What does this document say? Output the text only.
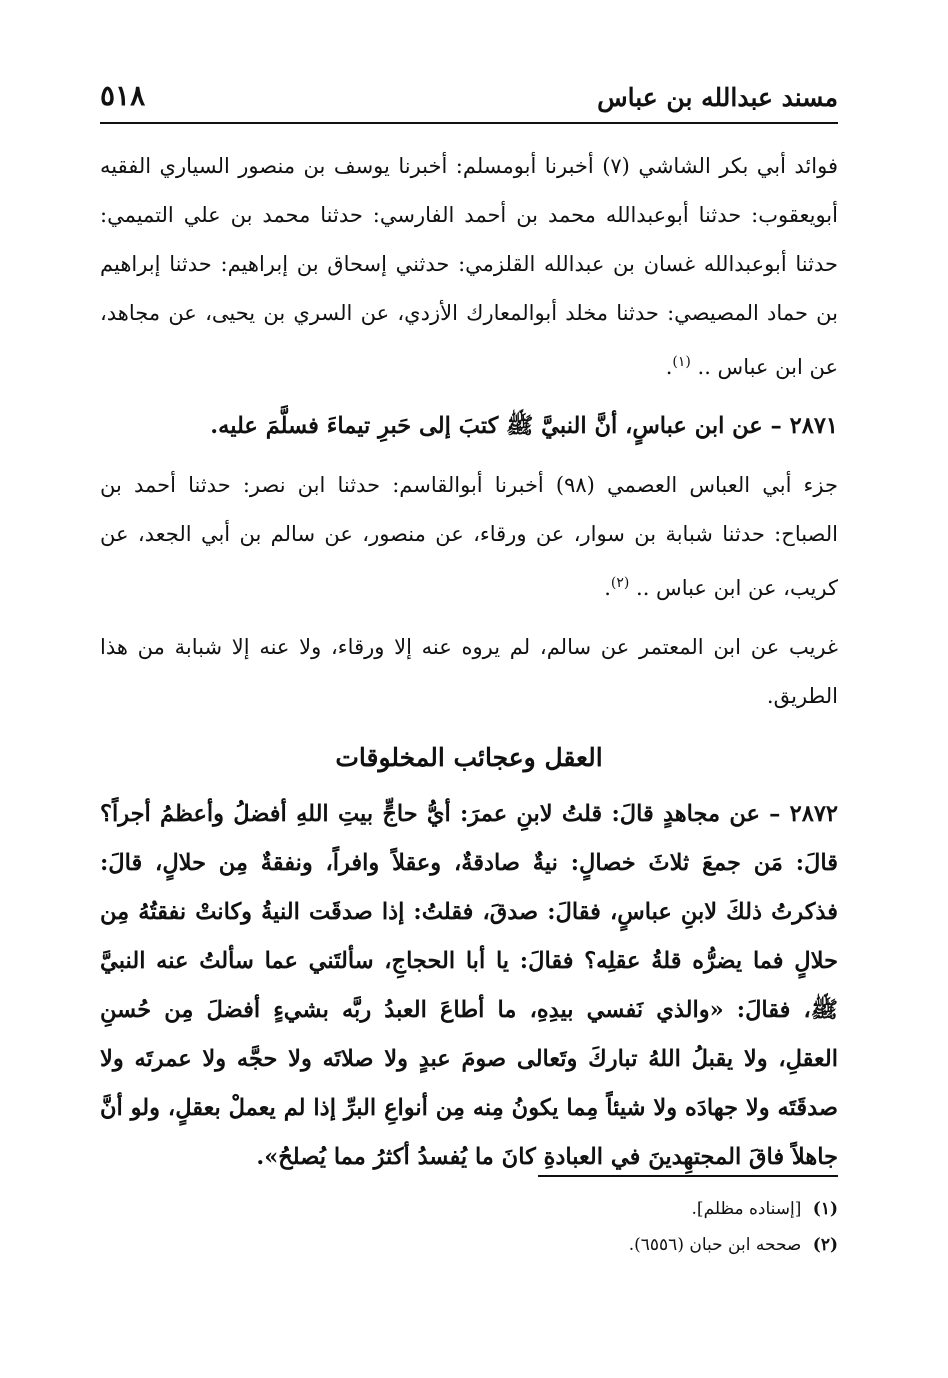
مسند عبدالله بن عباس
٥١٨

فوائد أبي بكر الشاشي (٧) أخبرنا أبومسلم: أخبرنا يوسف بن منصور السياري الفقيه أبويعقوب: حدثنا أبوعبدالله محمد بن أحمد الفارسي: حدثنا محمد بن علي التميمي: حدثنا أبوعبدالله غسان بن عبدالله القلزمي: حدثني إسحاق بن إبراهيم: حدثنا إبراهيم بن حماد المصيصي: حدثنا مخلد أبوالمعارك الأزدي، عن السري بن يحيى، عن مجاهد، عن ابن عباس .. $^{(١)}$.

٢٨٧١ – عن ابن عباسٍ، أنَّ النبيَّ ﷺ كتبَ إلى حَبرِ تيماءَ فسلَّمَ عليه.

جزء أبي العباس العصمي (٩٨) أخبرنا أبوالقاسم: حدثنا ابن نصر: حدثنا أحمد بن الصباح: حدثنا شبابة بن سوار، عن ورقاء، عن منصور، عن سالم بن أبي الجعد، عن كريب، عن ابن عباس .. $^{(٢)}$.

غريب عن ابن المعتمر عن سالم، لم يروه عنه إلا ورقاء، ولا عنه إلا شبابة من هذا الطريق.

العقل وعجائب المخلوقات

٢٨٧٢ – عن مجاهدٍ قالَ: قلتُ لابنِ عمرَ: أيُّ حاجٍّ بيتِ اللهِ أفضلُ وأعظمُ أجراً؟ قالَ: مَن جمعَ ثلاثَ خصالٍ: نيةٌ صادقةٌ، وعقلاً وافراً، ونفقةٌ مِن حلالٍ، قالَ: فذكرتُ ذلكَ لابنِ عباسٍ، فقالَ: صدقَ، فقلتُ: إذا صدقَت النيةُ وكانتْ نفقتُهُ مِن حلالٍ فما يضرُّه قلةُ عقلِه؟ فقالَ: يا أبا الحجاجِ، سألتَني عما سألتُ عنه النبيَّ ﷺ، فقالَ: «والذي نَفسي بيدِهِ، ما أطاعَ العبدُ ربَّه بشيءٍ أفضلَ مِن حُسنِ العقلِ، ولا يقبلُ اللهُ تباركَ وتَعالى صومَ عبدٍ ولا صلاتَه ولا حجَّه ولا عمرتَه ولا صدقَتَه ولا جهادَه ولا شيئاً مِما يكونُ مِنه مِن أنواعِ البرِّ إذا لم يعملْ بعقلٍ، ولو أنَّ جاهلاً فاقَ المجتهِدينَ في العبادةِ كانَ ما يُفسدُ أكثرُ مما يُصلحُ».

(١) [إسناده مظلم].
(٢) صححه ابن حبان (٦٥٥٦).
